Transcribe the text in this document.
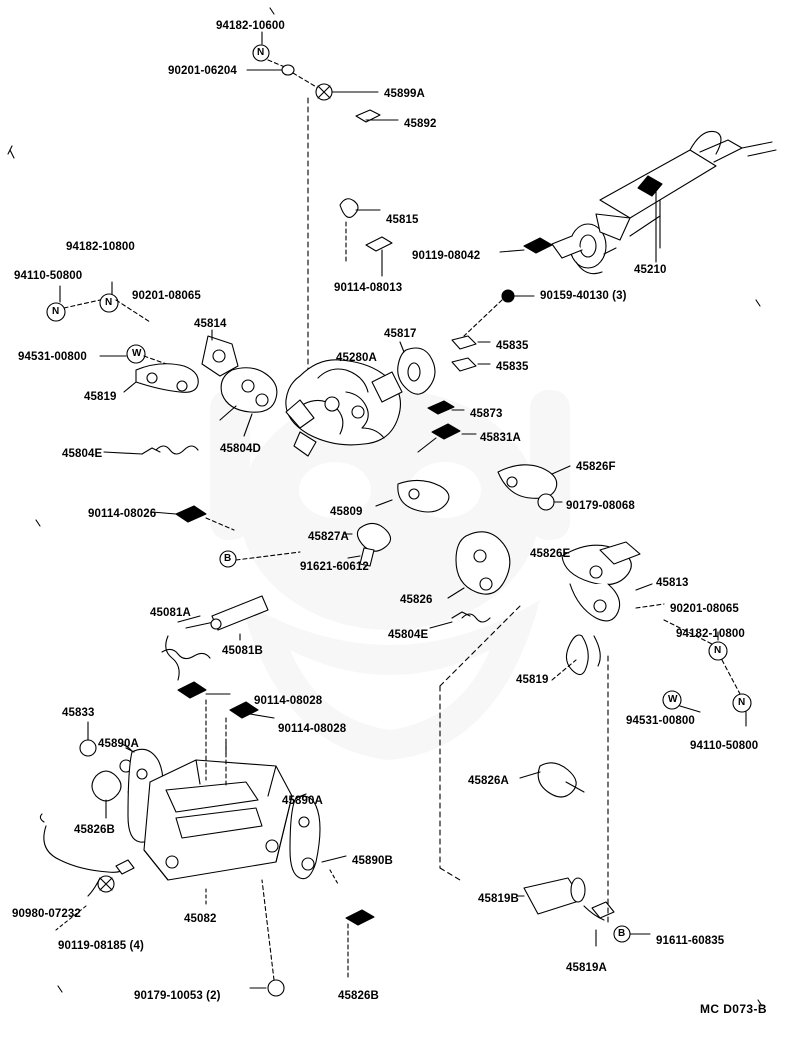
N
N
N
W
N
W
N
B
B
94182-10600
90201-06204
45899A
45892
45815
90119-08042
45210
94182-10800
94110-50800
90201-08065
90114-08013
90159-40130 (3)
45814
45817
45835
45835
94531-00800	45280A
45819
45873
45804D
45831A
45804E
45826F
90179-08068
90114-08026	45809
45827A
45826E
91621-60612
45813
45826
90201-08065
45804E	94182-10800
45081A
45081B
45819
90114-08028
45833
90114-08028
94531-00800
45890A	94110-50800
45826A
45890A
45826B
45890B
45819B
90980-07232	45082
90119-08185 (4)	91611-60835
45819A
90179-10053 (2)	45826B
MC D073-B
